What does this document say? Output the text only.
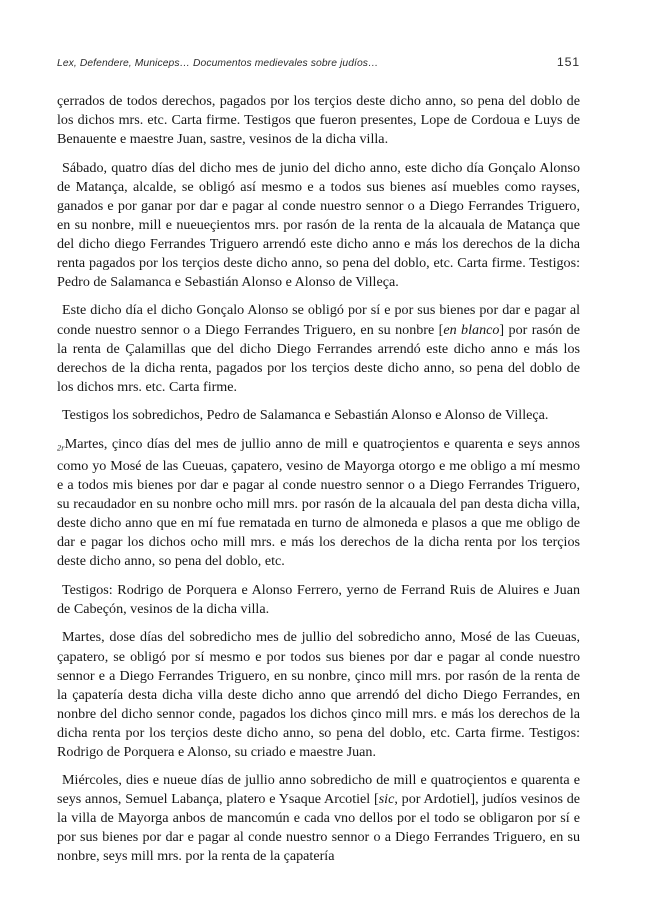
Lex, Defendere, Municeps… Documentos medievales sobre judíos…	151

çerrados de todos derechos, pagados por los terçios deste dicho anno, so pena del doblo de los dichos mrs. etc. Carta firme. Testigos que fueron presentes, Lope de Cordoua e Luys de Benauente e maestre Juan, sastre, vesinos de la dicha villa.

Sábado, quatro días del dicho mes de junio del dicho anno, este dicho día Gonçalo Alonso de Matança, alcalde, se obligó así mesmo e a todos sus bienes así muebles como rayses, ganados e por ganar por dar e pagar al conde nuestro sennor o a Diego Ferrandes Triguero, en su nonbre, mill e nueueçientos mrs. por rasón de la renta de la alcauala de Matança que del dicho diego Ferrandes Triguero arrendó este dicho anno e más los derechos de la dicha renta pagados por los terçios deste dicho anno, so pena del doblo, etc. Carta firme. Testigos: Pedro de Salamanca e Sebastián Alonso e Alonso de Villeça.

Este dicho día el dicho Gonçalo Alonso se obligó por sí e por sus bienes por dar e pagar al conde nuestro sennor o a Diego Ferrandes Triguero, en su nonbre [en blanco] por rasón de la renta de Çalamillas que del dicho Diego Ferrandes arrendó este dicho anno e más los derechos de la dicha renta, pagados por los terçios deste dicho anno, so pena del doblo de los dichos mrs. etc. Carta firme.

Testigos los sobredichos, Pedro de Salamanca e Sebastián Alonso e Alonso de Villeça.

2rMartes, çinco días del mes de jullio anno de mill e quatroçientos e quarenta e seys annos como yo Mosé de las Cueuas, çapatero, vesino de Mayorga otorgo e me obligo a mí mesmo e a todos mis bienes por dar e pagar al conde nuestro sennor o a Diego Ferrandes Triguero, su recaudador en su nonbre ocho mill mrs. por rasón de la alcauala del pan desta dicha villa, deste dicho anno que en mí fue rematada en turno de almoneda e plasos a que me obligo de dar e pagar los dichos ocho mill mrs. e más los derechos de la dicha renta por los terçios deste dicho anno, so pena del doblo, etc.

Testigos: Rodrigo de Porquera e Alonso Ferrero, yerno de Ferrand Ruis de Aluires e Juan de Cabeçón, vesinos de la dicha villa.

Martes, dose días del sobredicho mes de jullio del sobredicho anno, Mosé de las Cueuas, çapatero, se obligó por sí mesmo e por todos sus bienes por dar e pagar al conde nuestro sennor e a Diego Ferrandes Triguero, en su nonbre, çinco mill mrs. por rasón de la renta de la çapatería desta dicha villa deste dicho anno que arrendó del dicho Diego Ferrandes, en nonbre del dicho sennor conde, pagados los dichos çinco mill mrs. e más los derechos de la dicha renta por los terçios deste dicho anno, so pena del doblo, etc. Carta firme. Testigos: Rodrigo de Porquera e Alonso, su criado e maestre Juan.

Miércoles, dies e nueue días de jullio anno sobredicho de mill e quatroçientos e quarenta e seys annos, Semuel Labança, platero e Ysaque Arcotiel [sic, por Ardotiel], judíos vesinos de la villa de Mayorga anbos de mancomún e cada vno dellos por el todo se obligaron por sí e por sus bienes por dar e pagar al conde nuestro sennor o a Diego Ferrandes Triguero, en su nonbre, seys mill mrs. por la renta de la çapatería
